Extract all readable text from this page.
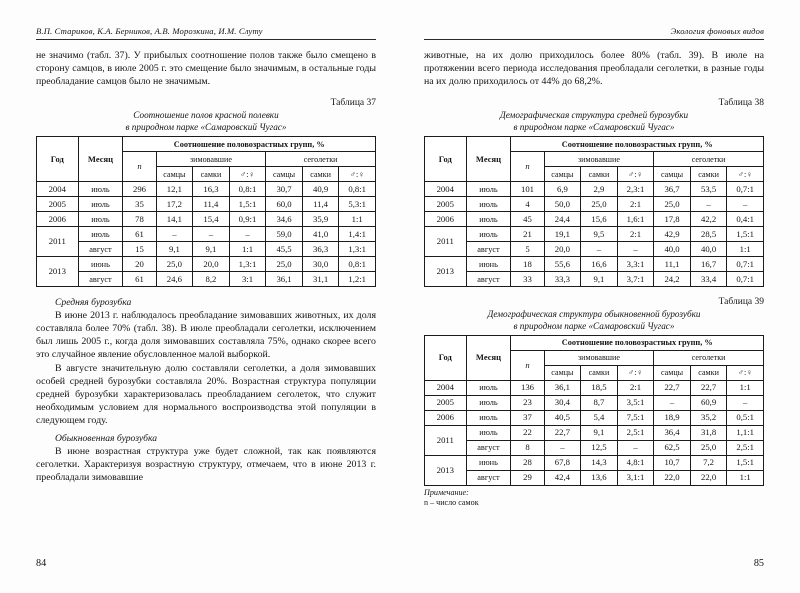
В.П. Стариков, К.А. Берников, А.В. Морозкина, И.М. Слуту

не значимо (табл. 37). У прибылых соотношение полов также было смещено в сторону самцов, в июле 2005 г. это смещение было значимым, в остальные годы преобладание самцов было не значимым.

Таблица 37

Соотношение полов красной полевки
в природном парке «Самаровский Чугас»

Год	Месяц	Соотношение половозрастных групп, %						
		n	зимовавшие			сеголетки		
			самцы	самки	♂:♀	самцы	самки	♂:♀
2004	июль	296	12,1	16,3	0,8:1	30,7	40,9	0,8:1
2005	июль	35	17,2	11,4	1,5:1	60,0	11,4	5,3:1
2006	июль	78	14,1	15,4	0,9:1	34,6	35,9	1:1
2011	июль	61	–	–	–	59,0	41,0	1,4:1
	август	15	9,1	9,1	1:1	45,5	36,3	1,3:1
2013	июнь	20	25,0	20,0	1,3:1	25,0	30,0	0,8:1
	август	61	24,6	8,2	3:1	36,1	31,1	1,2:1

Средняя бурозубка

В июне 2013 г. наблюдалось преобладание зимовавших животных, их доля составляла более 70% (табл. 38). В июле преобладали сеголетки, исключением был лишь 2005 г., когда доля зимовавших составляла 75%, однако скорее всего это случайное явление обусловленное малой выборкой.

В августе значительную долю составляли сеголетки, а доля зимовавших особей средней бурозубки составляла 20%. Возрастная структура популяции средней бурозубки характеризовалась преобладанием сеголеток, что служит необходимым условием для нормального воспроизводства этой популяции в следующем году.

Обыкновенная бурозубка

В июне возрастная структура уже будет сложной, так как появляются сеголетки. Характеризуя возрастную структуру, отмечаем, что в июне 2013 г. преобладали зимовавшие

84
Экология фоновых видов

животные, на их долю приходилось более 80% (табл. 39). В июле на протяжении всего периода исследования преобладали сеголетки, в разные годы на их долю приходилось от 44% до 68,2%.

Таблица 38

Демографическая структура средней бурозубки
в природном парке «Самаровский Чугас»

Год	Месяц	Соотношение половозрастных групп, %						
		n	зимовавшие			сеголетки		
			самцы	самки	♂:♀	самцы	самки	♂:♀
2004	июль	101	6,9	2,9	2,3:1	36,7	53,5	0,7:1
2005	июль	4	50,0	25,0	2:1	25,0	–	–
2006	июль	45	24,4	15,6	1,6:1	17,8	42,2	0,4:1
2011	июль	21	19,1	9,5	2:1	42,9	28,5	1,5:1
	август	5	20,0	–	–	40,0	40,0	1:1
2013	июнь	18	55,6	16,6	3,3:1	11,1	16,7	0,7:1
	август	33	33,3	9,1	3,7:1	24,2	33,4	0,7:1

Таблица 39

Демографическая структура обыкновенной бурозубки
в природном парке «Самаровский Чугас»

Год	Месяц	Соотношение половозрастных групп, %						
		n	зимовавшие			сеголетки		
			самцы	самки	♂:♀	самцы	самки	♂:♀
2004	июль	136	36,1	18,5	2:1	22,7	22,7	1:1
2005	июль	23	30,4	8,7	3,5:1	–	60,9	–
2006	июль	37	40,5	5,4	7,5:1	18,9	35,2	0,5:1
2011	июль	22	22,7	9,1	2,5:1	36,4	31,8	1,1:1
	август	8	–	12,5	–	62,5	25,0	2,5:1
2013	июнь	28	67,8	14,3	4,8:1	10,7	7,2	1,5:1
	август	29	42,4	13,6	3,1:1	22,0	22,0	1:1

Примечание:
n – число самок

85
